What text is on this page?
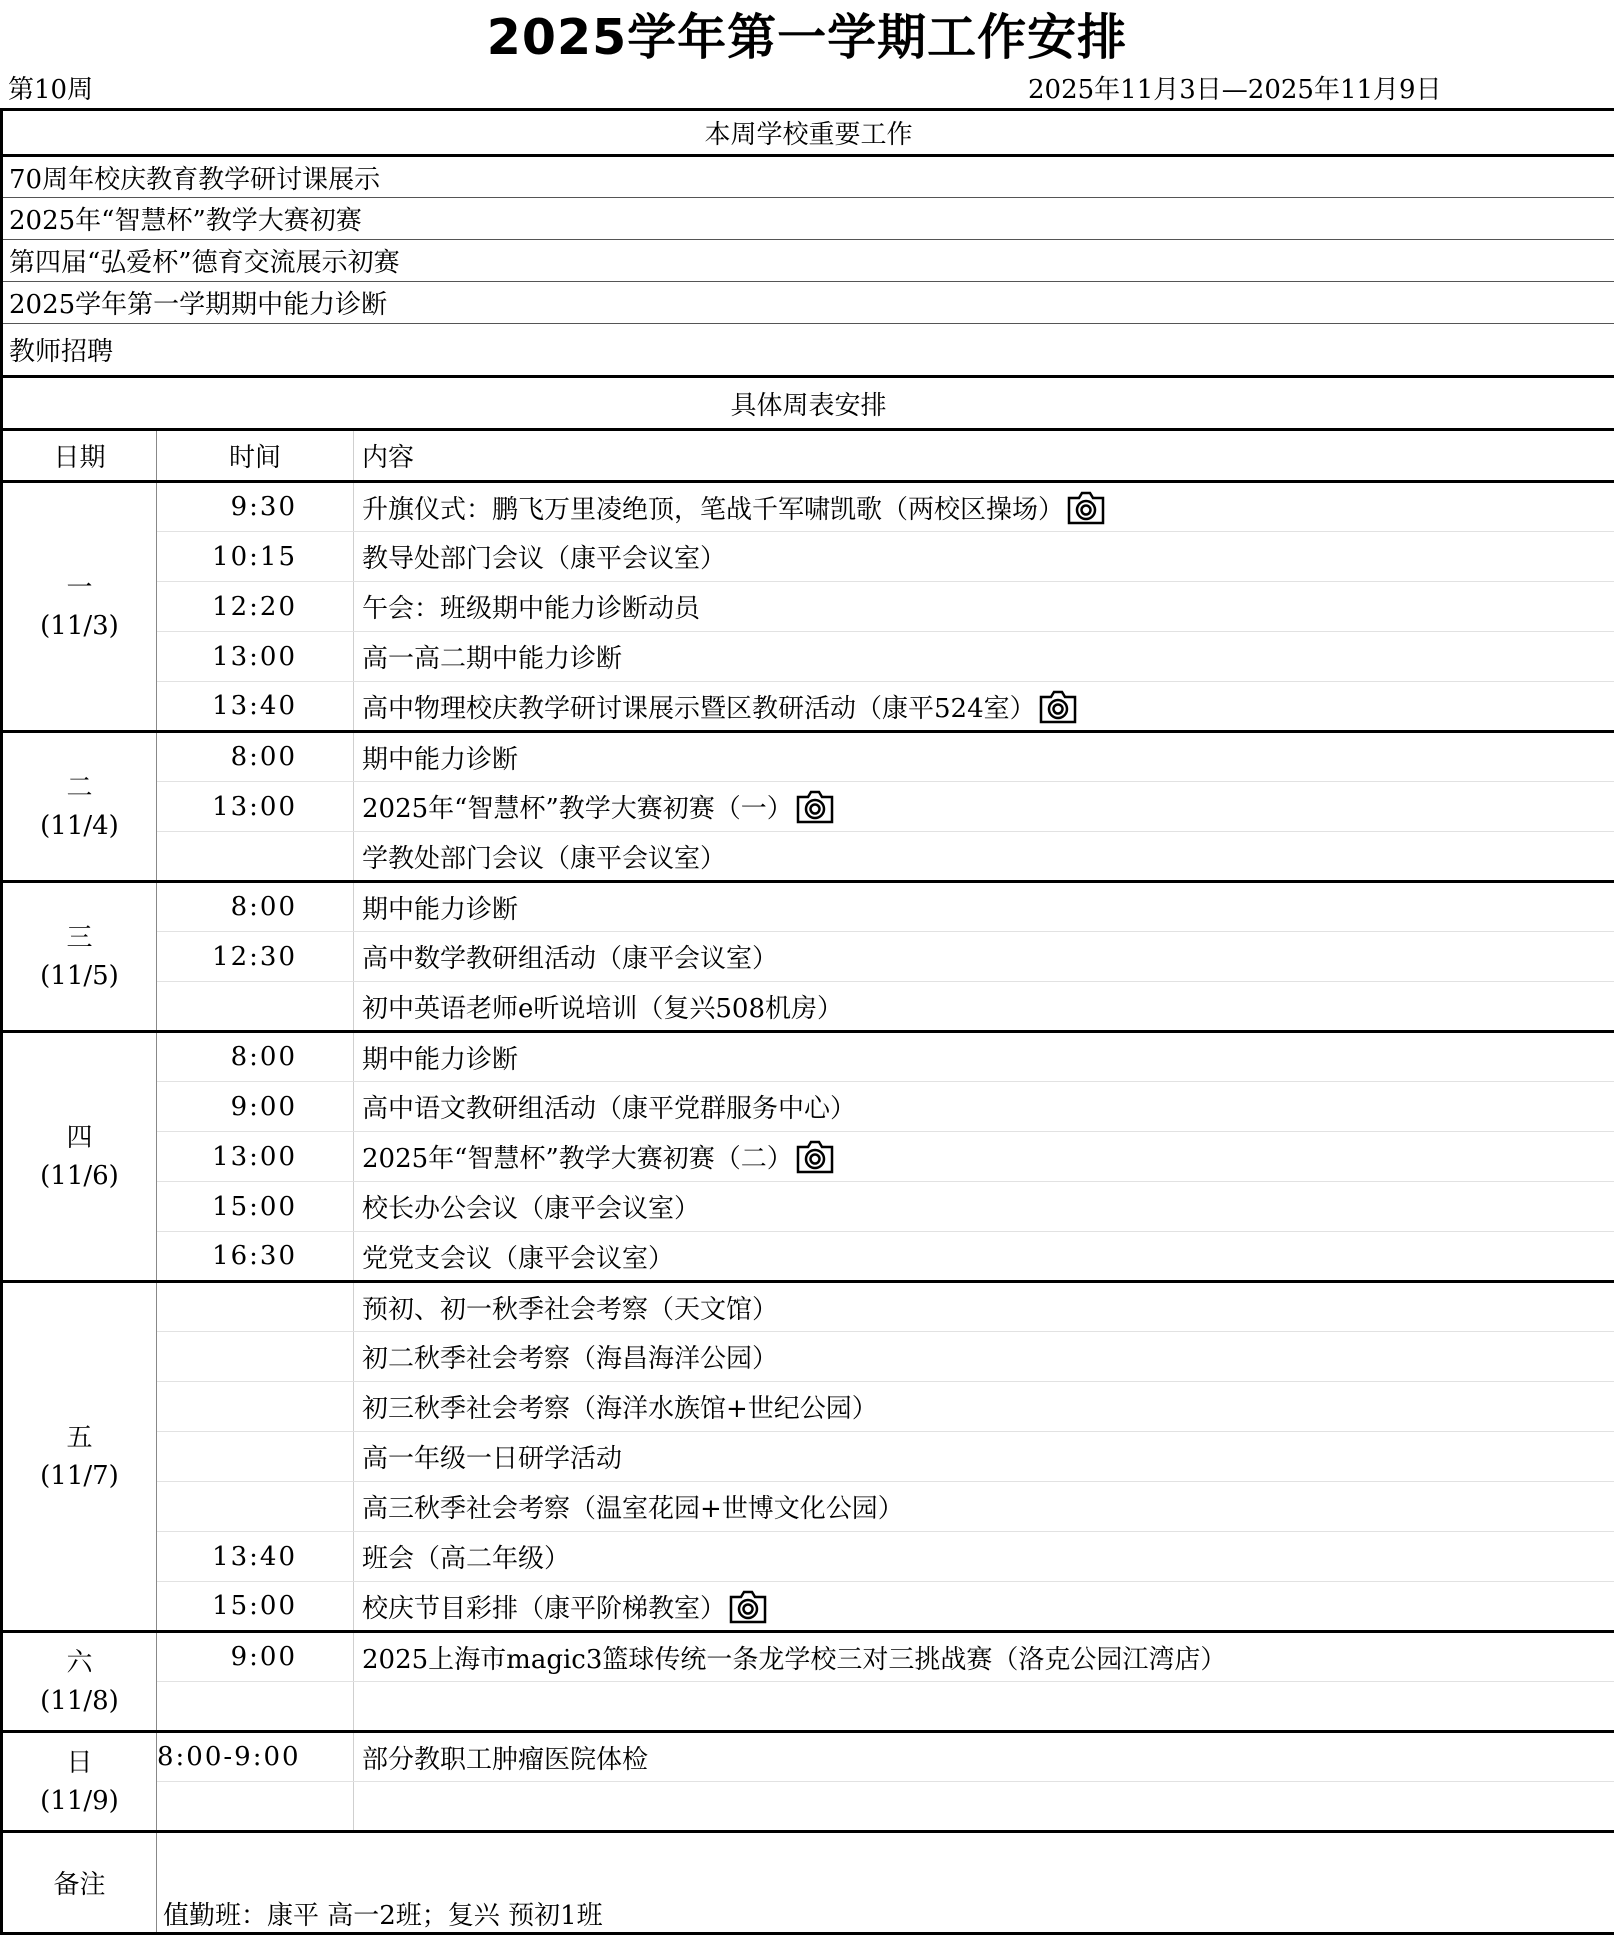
2025学年第一学期工作安排
第10周	2025年11月3日—2025年11月9日
本周学校重要工作		
70周年校庆教育教学研讨课展示		
2025年“智慧杯”教学大赛初赛		
第四届“弘爱杯”德育交流展示初赛		
2025学年第一学期期中能力诊断		
教师招聘		
具体周表安排		
日期	时间	内容

一
(11/3)	9:30	升旗仪式：鹏飞万里凌绝顶，笔战千军啸凯歌（两校区操场）
	10:15	教导处部门会议（康平会议室）
	12:20	午会：班级期中能力诊断动员
	13:00	高一高二期中能力诊断
	13:40	高中物理校庆教学研讨课展示暨区教研活动（康平524室）

二
(11/4)	8:00	期中能力诊断
	13:00	2025年“智慧杯”教学大赛初赛（一）
		学教处部门会议（康平会议室）

三
(11/5)	8:00	期中能力诊断
	12:30	高中数学教研组活动（康平会议室）
		初中英语老师e听说培训（复兴508机房）

四
(11/6)	8:00	期中能力诊断
	9:00	高中语文教研组活动（康平党群服务中心）
	13:00	2025年“智慧杯”教学大赛初赛（二）
	15:00	校长办公会议（康平会议室）
	16:30	党党支会议（康平会议室）

五
(11/7)		预初、初一秋季社会考察（天文馆）
		初二秋季社会考察（海昌海洋公园）
		初三秋季社会考察（海洋水族馆+世纪公园）
		高一年级一日研学活动
		高三秋季社会考察（温室花园+世博文化公园）
	13:40	班会（高二年级）
	15:00	校庆节目彩排（康平阶梯教室）

六
(11/8)	9:00	2025上海市magic3篮球传统一条龙学校三对三挑战赛（洛克公园江湾店）

日
(11/9)	8:00-9:00	部分教职工肿瘤医院体检

备注	值勤班：康平 高一2班；复兴 预初1班	
